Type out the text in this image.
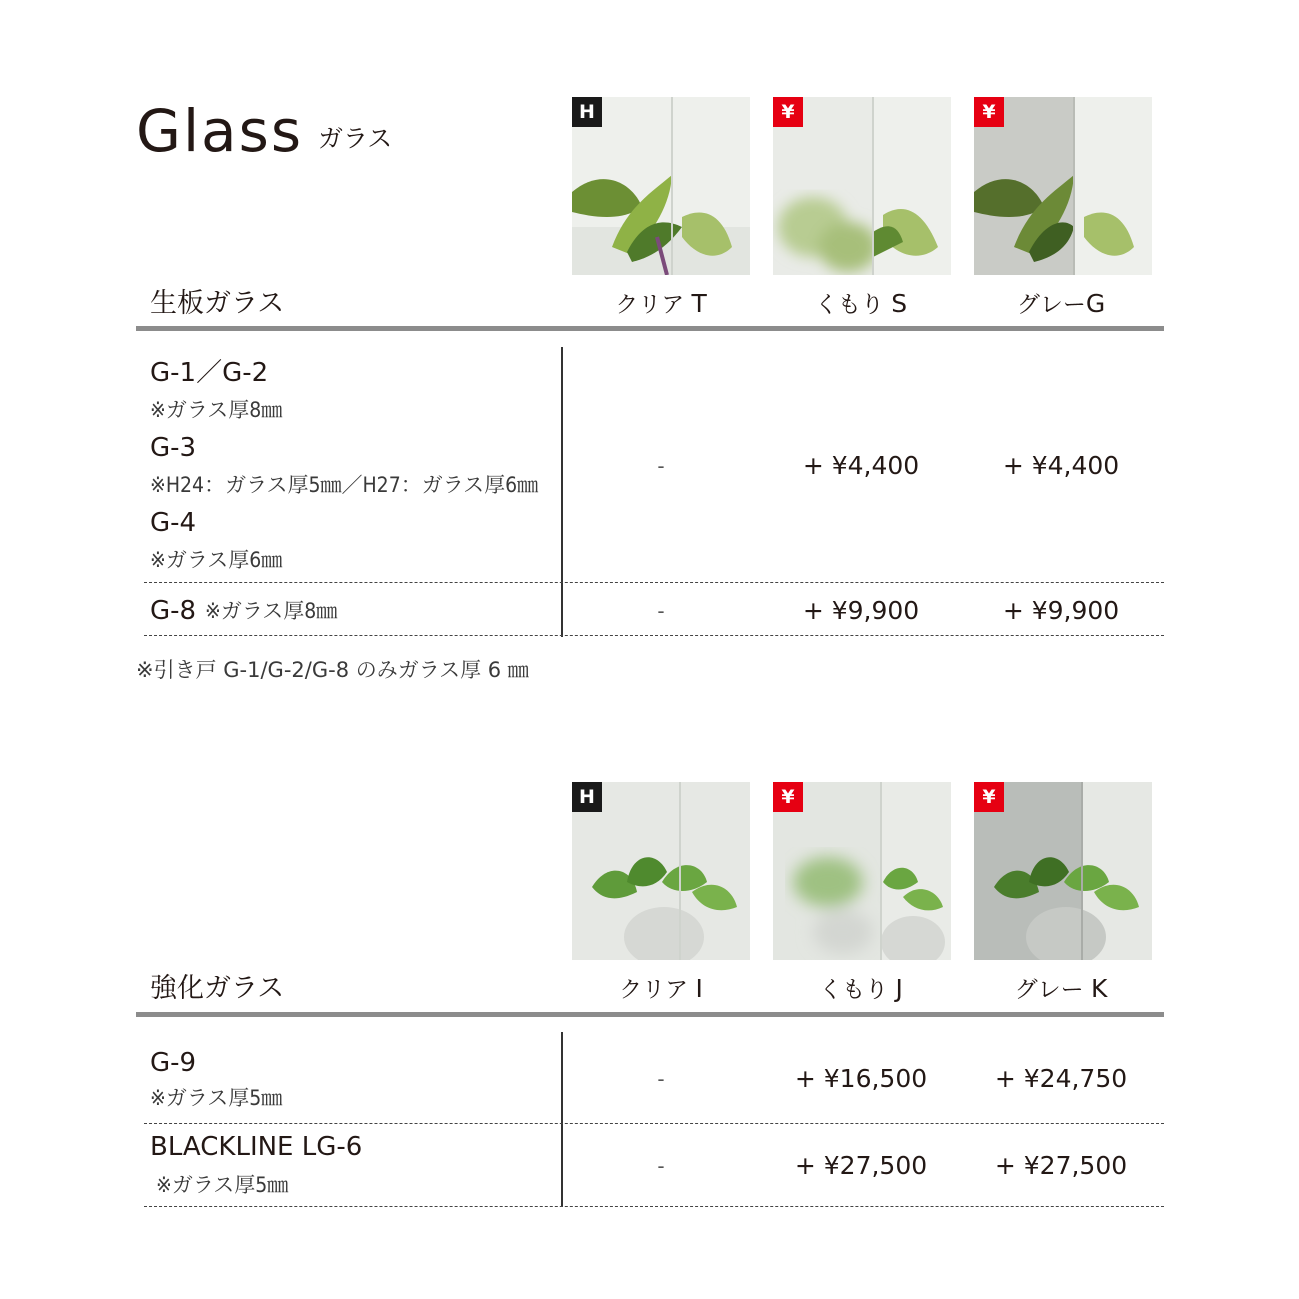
Glass ガラス
H	¥	¥
生板ガラス	クリア T	くもり S	グレーG
G-1／G-2
※ガラス厚8㎜
G-3
※H24：ガラス厚5㎜／H27：ガラス厚6㎜
G-4
※ガラス厚6㎜
-	+ ¥4,400	+ ¥4,400
G-8 ※ガラス厚8㎜	-	+ ¥9,900	+ ¥9,900
※引き戸 G-1/G-2/G-8 のみガラス厚 6 ㎜
H	¥	¥
強化ガラス	クリア I	くもり J	グレー K
G-9
※ガラス厚5㎜
-	+ ¥16,500	+ ¥24,750
BLACKLINE LG-6
※ガラス厚5㎜
-	+ ¥27,500	+ ¥27,500
